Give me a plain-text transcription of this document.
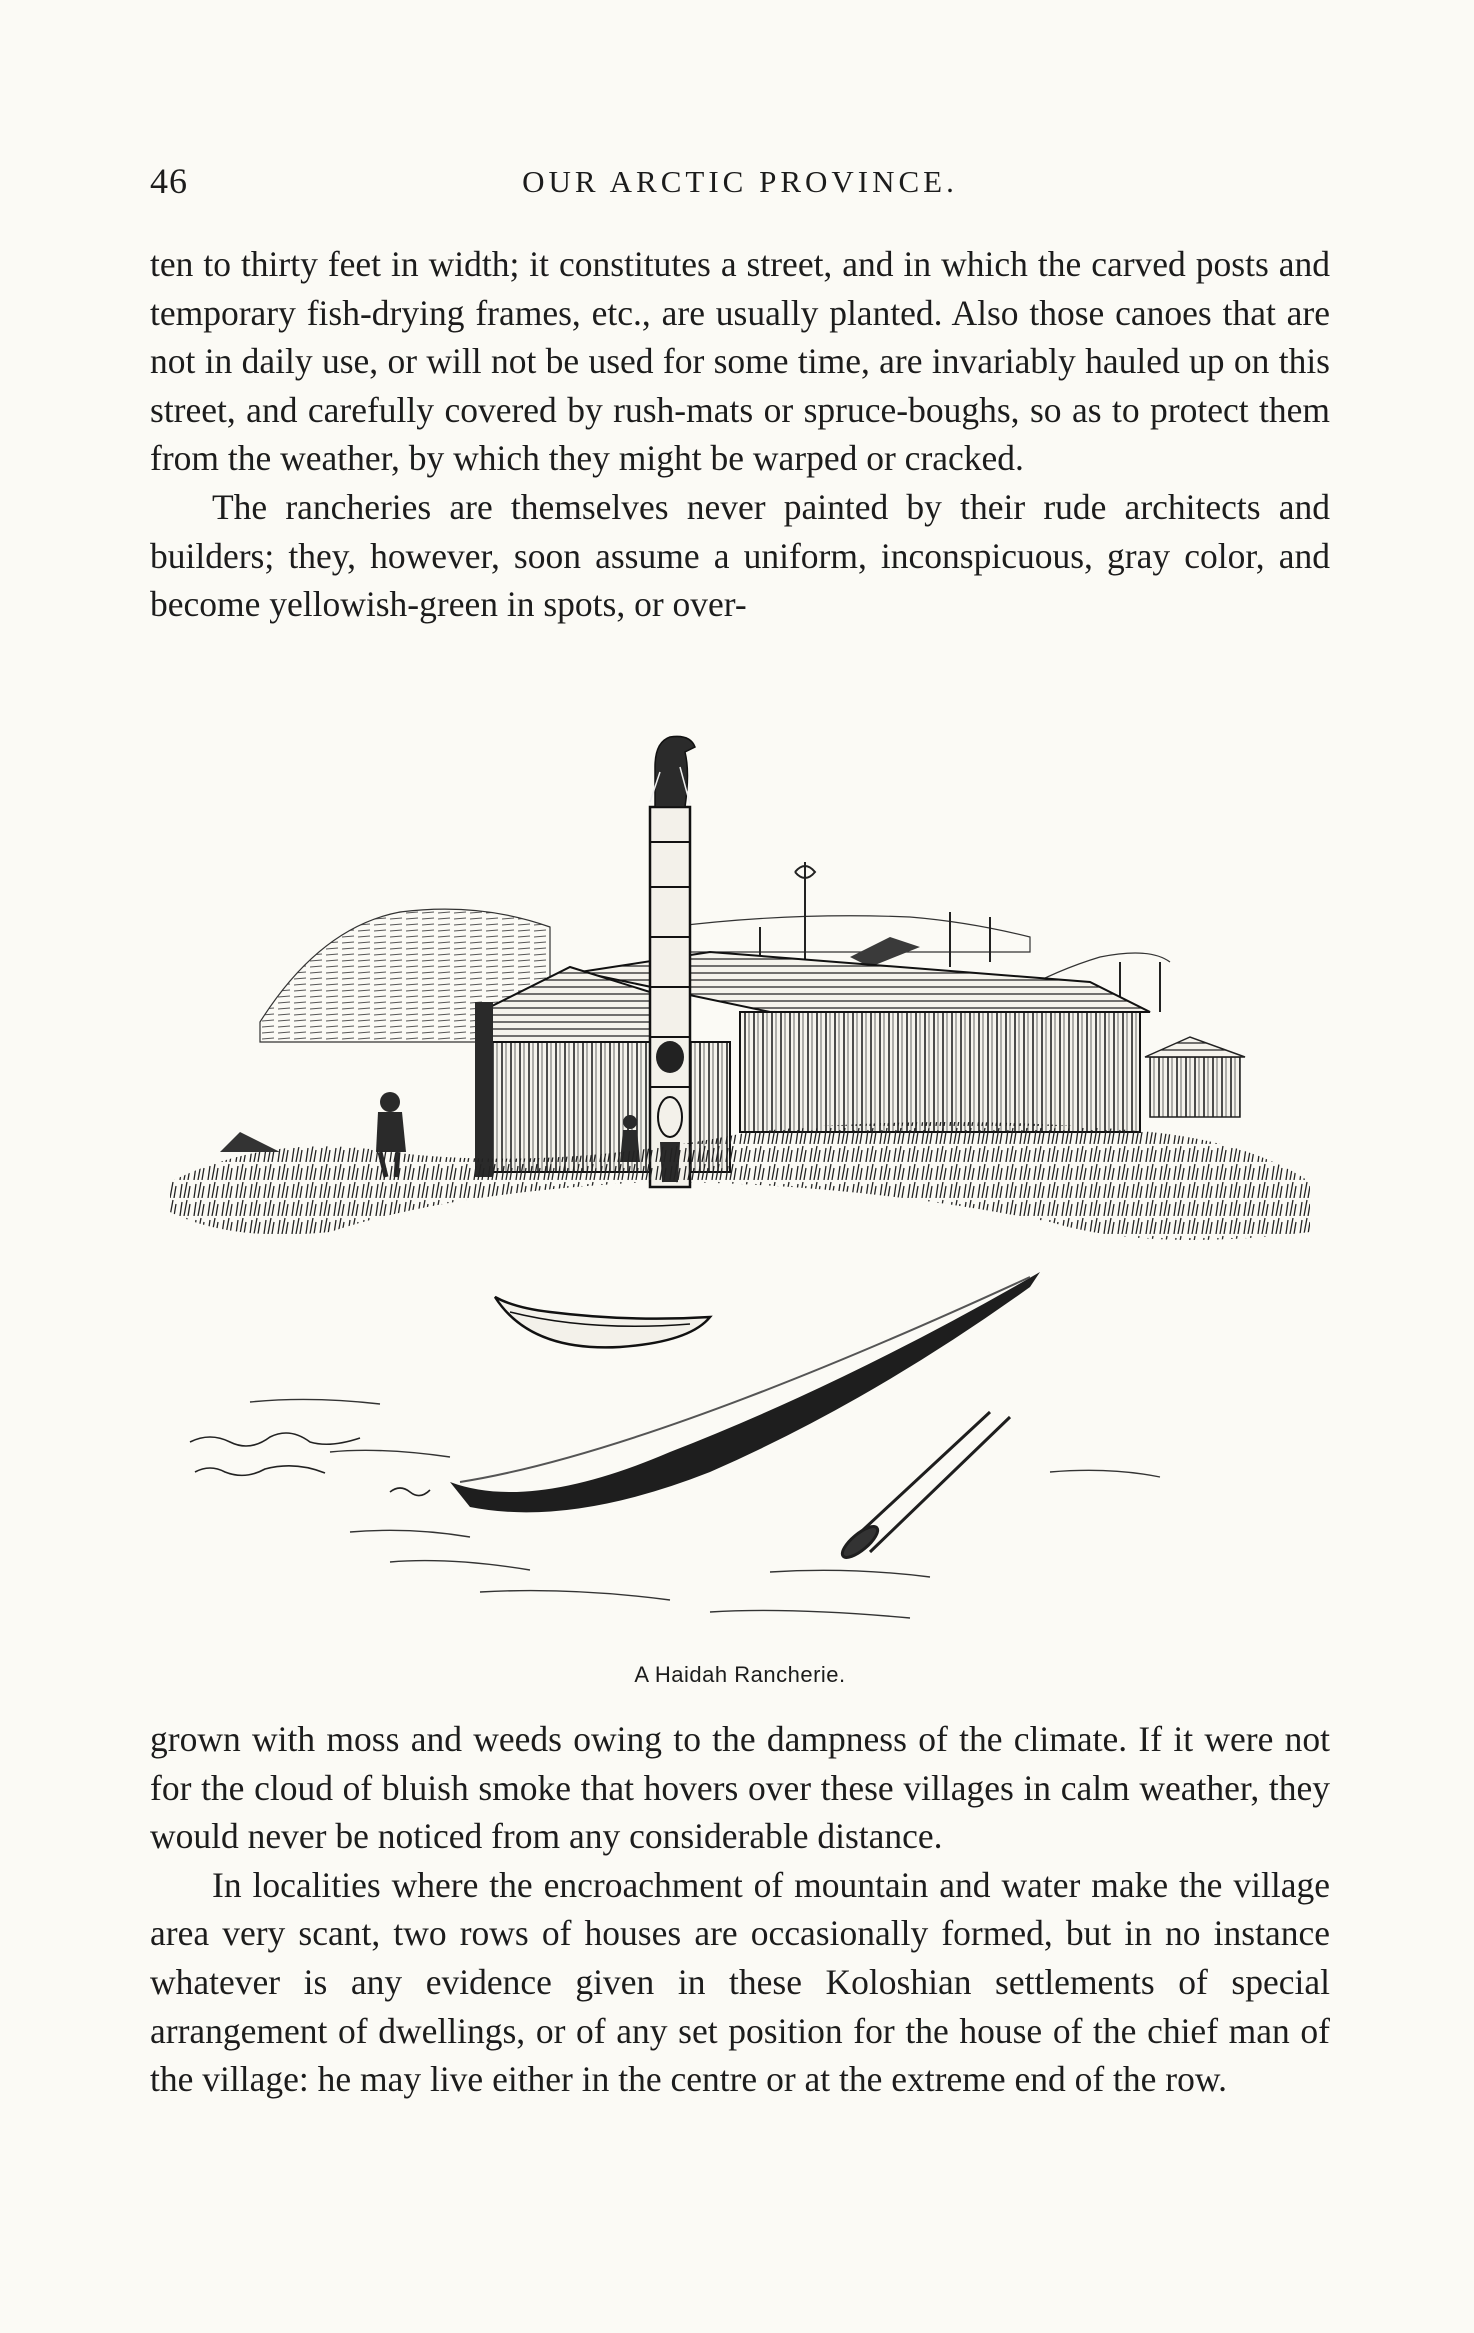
46	OUR ARCTIC PROVINCE.

ten to thirty feet in width; it constitutes a street, and in which the carved posts and temporary fish-drying frames, etc., are usually planted. Also those canoes that are not in daily use, or will not be used for some time, are invariably hauled up on this street, and carefully covered by rush-mats or spruce-boughs, so as to protect them from the weather, by which they might be warped or cracked.

The rancheries are themselves never painted by their rude architects and builders; they, however, soon assume a uniform, inconspicuous, gray color, and become yellowish-green in spots, or over-

A Haidah Rancherie.

grown with moss and weeds owing to the dampness of the climate. If it were not for the cloud of bluish smoke that hovers over these villages in calm weather, they would never be noticed from any considerable distance.

In localities where the encroachment of mountain and water make the village area very scant, two rows of houses are occasionally formed, but in no instance whatever is any evidence given in these Koloshian settlements of special arrangement of dwellings, or of any set position for the house of the chief man of the village: he may live either in the centre or at the extreme end of the row.
